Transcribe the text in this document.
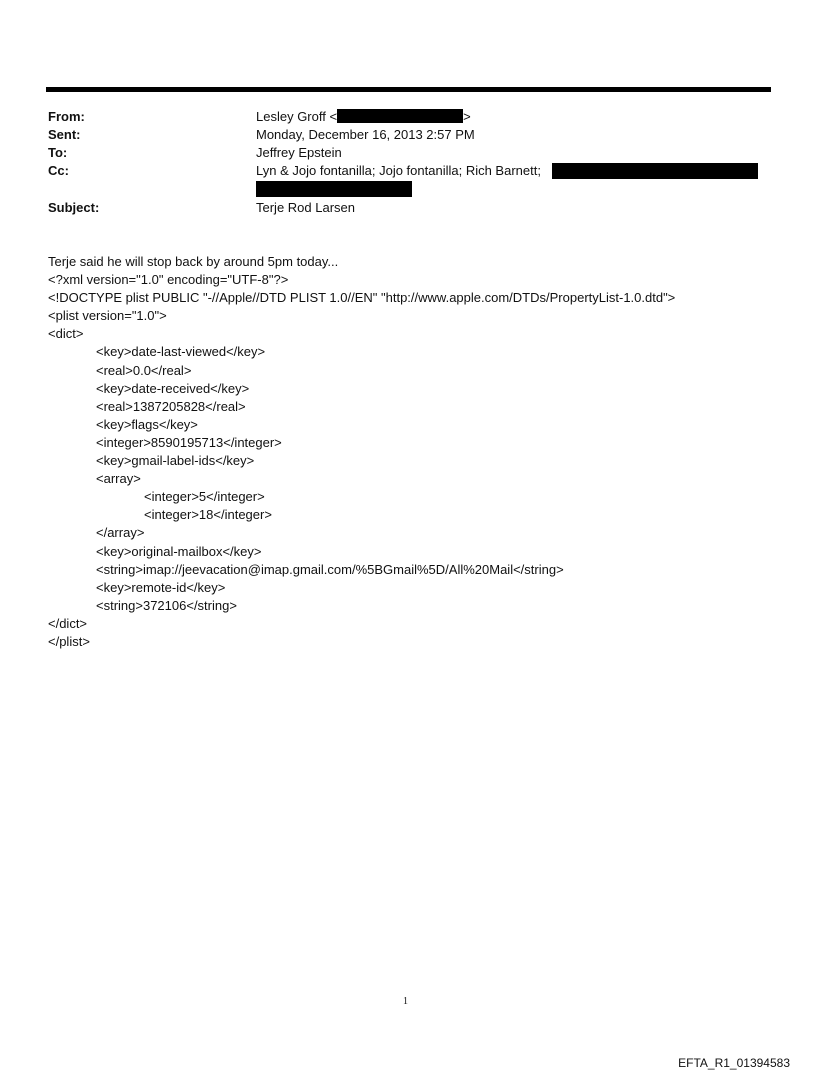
From:	Lesley Groff <	>
Sent:	Monday, December 16, 2013 2:57 PM
To:	Jeffrey Epstein
Cc:	Lyn & Jojo fontanilla; Jojo fontanilla; Rich Barnett;
Subject:	Terje Rod Larsen
Terje said he will stop back by around 5pm today...
<?xml version="1.0" encoding="UTF-8"?>
<!DOCTYPE plist PUBLIC "-//Apple//DTD PLIST 1.0//EN" "http://www.apple.com/DTDs/PropertyList-1.0.dtd">
<plist version="1.0">
<dict>
<key>date-last-viewed</key>
<real>0.0</real>
<key>date-received</key>
<real>1387205828</real>
<key>flags</key>
<integer>8590195713</integer>
<key>gmail-label-ids</key>
<array>
<integer>5</integer>
<integer>18</integer>
</array>
<key>original-mailbox</key>
<string>imap://jeevacation@imap.gmail.com/%5BGmail%5D/All%20Mail</string>
<key>remote-id</key>
<string>372106</string>
</dict>
</plist>
1
EFTA_R1_01394583
